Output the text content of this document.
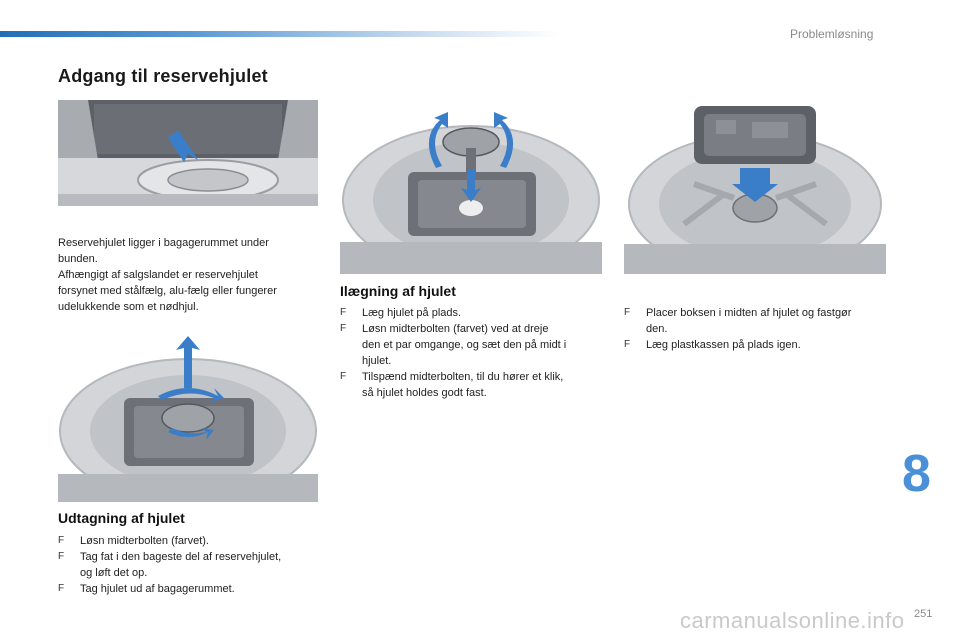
Problemløsning
Adgang til reservehjulet
Reservehjulet ligger i bagagerummet under
bunden.
Afhængigt af salgslandet er reservehjulet
forsynet med stålfælg, alu-fælg eller fungerer
udelukkende som et nødhjul.
Udtagning af hjulet
F Løsn midterbolten (farvet).
F Tag fat i den bageste del af reservehjulet,
og løft det op.
F Tag hjulet ud af bagagerummet.
Ilægning af hjulet
F Læg hjulet på plads.
F Løsn midterbolten (farvet) ved at dreje
den et par omgange, og sæt den på midt i
hjulet.
F Tilspænd midterbolten, til du hører et klik,
så hjulet holdes godt fast.
F Placer boksen i midten af hjulet og fastgør
den.
F Læg plastkassen på plads igen.
8
carmanualsonline.info 251
